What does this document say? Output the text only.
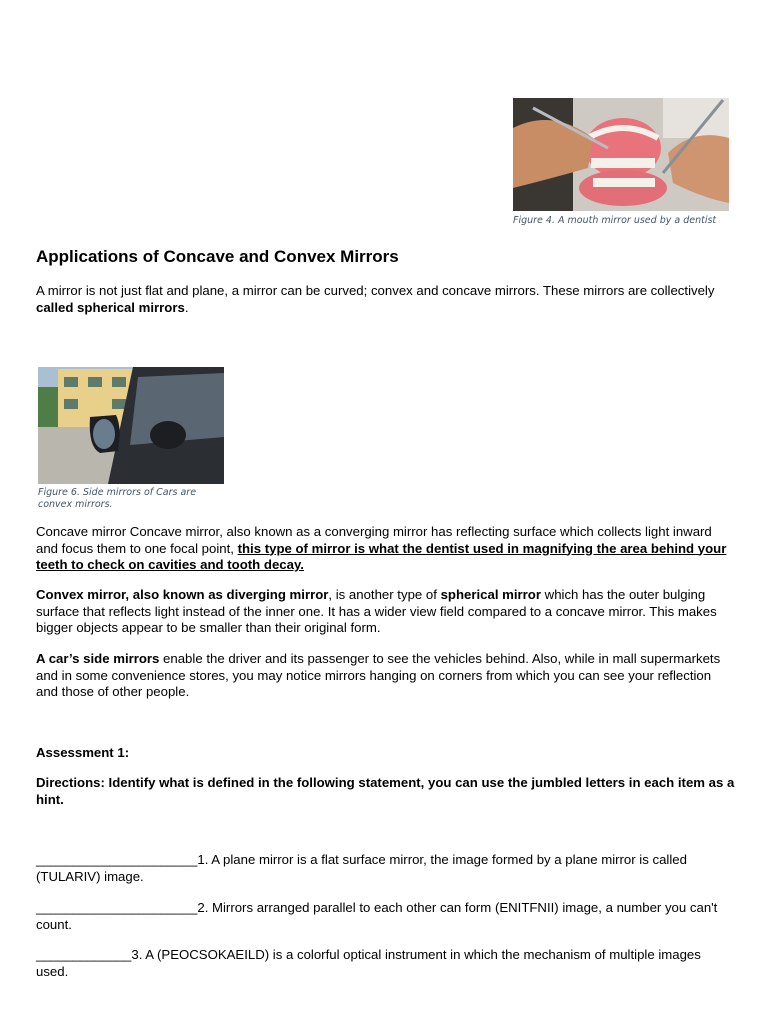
Figure 4. A mouth mirror used by a dentist
Applications of Concave and Convex Mirrors
A mirror is not just flat and plane, a mirror can be curved; convex and concave mirrors. These mirrors are collectively called spherical mirrors.
Figure 6. Side mirrors of Cars are convex mirrors.
Concave mirror Concave mirror, also known as a converging mirror has reflecting surface which collects light inward and focus them to one focal point, this type of mirror is what the dentist used in magnifying the area behind your teeth to check on cavities and tooth decay.
Convex mirror, also known as diverging mirror, is another type of spherical mirror which has the outer bulging surface that reflects light instead of the inner one. It has a wider view field compared to a concave mirror. This makes bigger objects appear to be smaller than their original form.
A car’s side mirrors enable the driver and its passenger to see the vehicles behind. Also, while in mall supermarkets and in some convenience stores, you may notice mirrors hanging on corners from which you can see your reflection and those of other people.
Assessment 1:
Directions: Identify what is defined in the following statement, you can use the jumbled letters in each item as a hint.
______________________1. A plane mirror is a flat surface mirror, the image formed by a plane mirror is called (TULARIV) image.
______________________2. Mirrors arranged parallel to each other can form (ENITFNII) image, a number you can't count.
_____________3. A (PEOCSOKAEILD) is a colorful optical instrument in which the mechanism of multiple images used.
